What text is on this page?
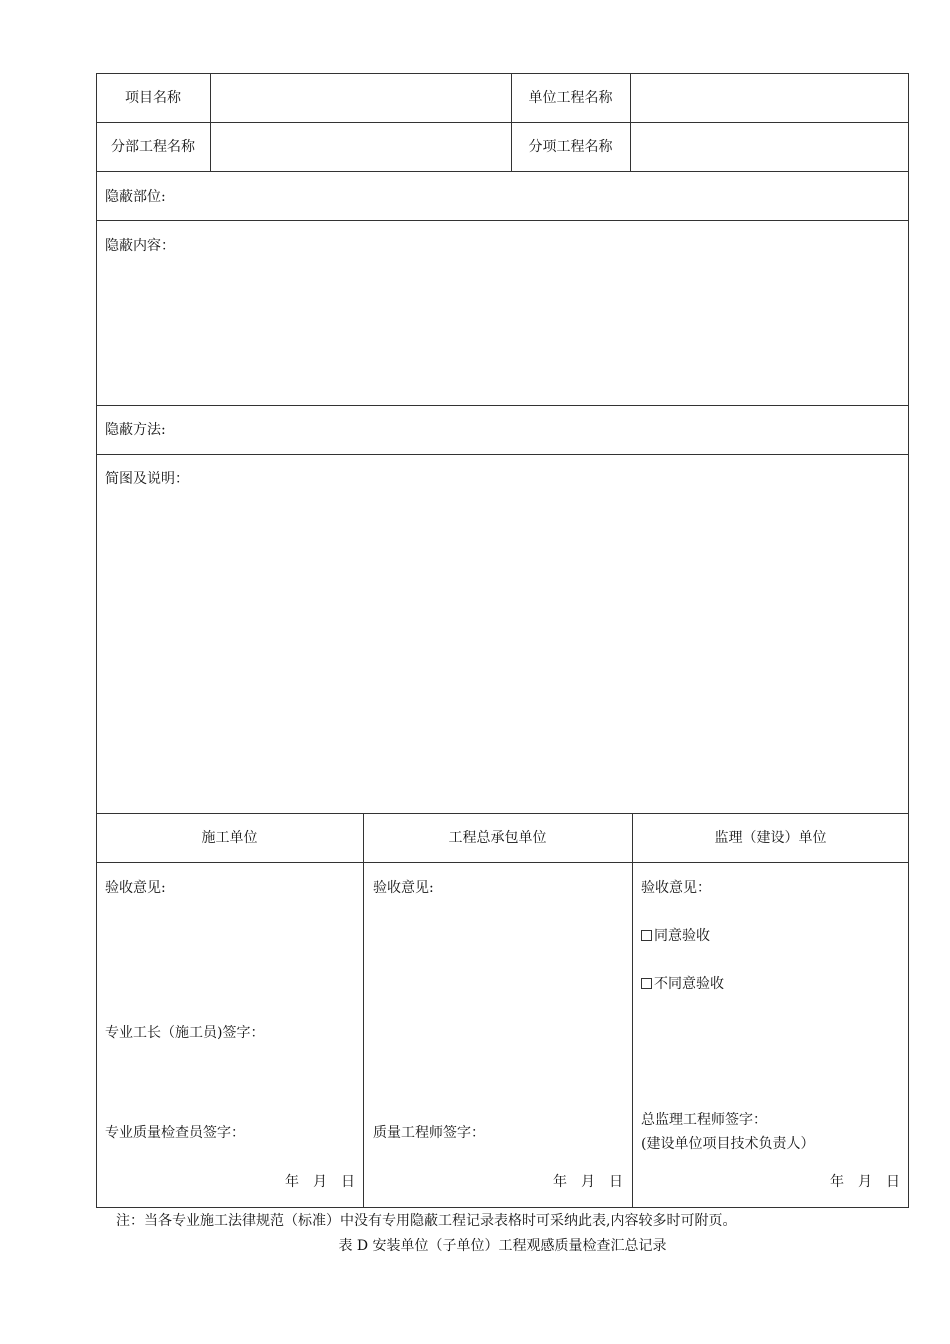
项目名称	单位工程名称
分部工程名称	分项工程名称
隐蔽部位:
隐蔽内容：
隐蔽方法:
简图及说明：
施工单位	工程总承包单位	监理（建设）单位
验收意见:
专业工长（施工员)签字：
专业质量检查员签字：
年　月　日
验收意见:
质量工程师签字：
年　月　日
验收意见：
同意验收
不同意验收
总监理工程师签字：
(建设单位项目技术负责人）
年　月　日
注：当各专业施工法律规范（标准）中没有专用隐蔽工程记录表格时可采纳此表,内容较多时可附页。
表 D 安装单位（子单位）工程观感质量检查汇总记录
